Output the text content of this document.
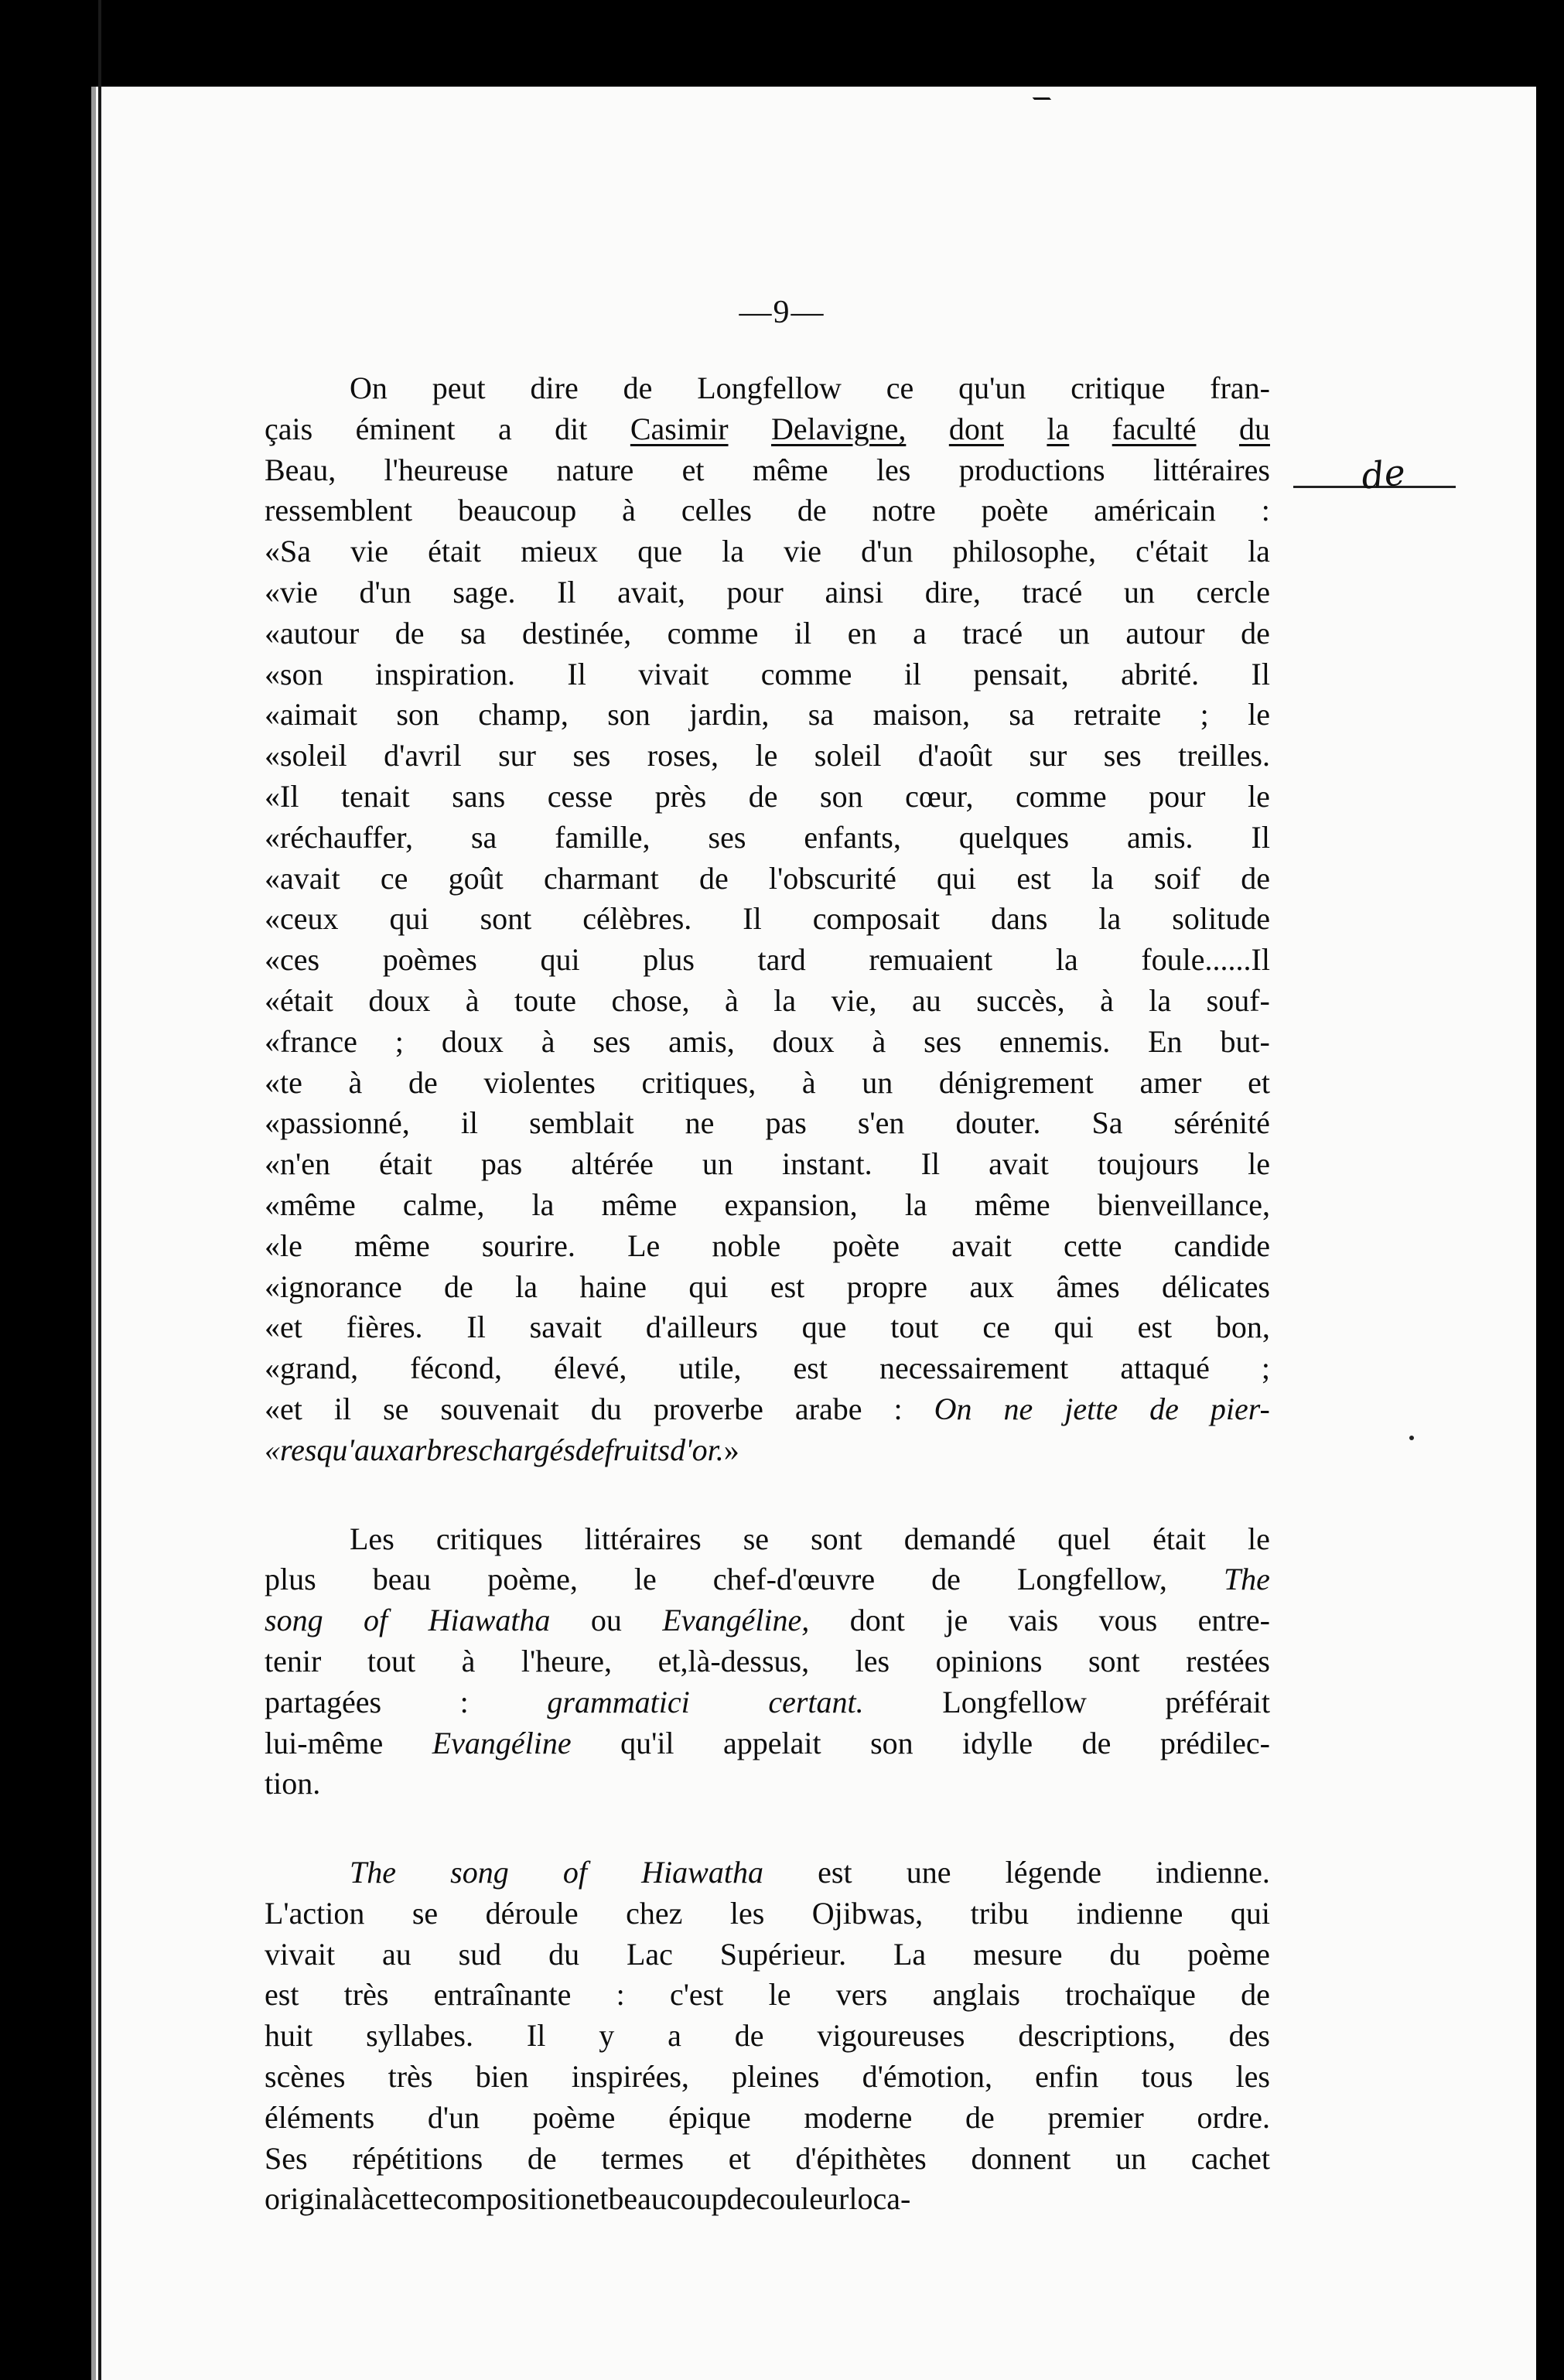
—9—
de
On peut dire de Longfellow ce qu'un critique fran-
çais éminent a dit Casimir Delavigne, dont la faculté du
Beau, l'heureuse nature et même les productions littéraires
ressemblent beaucoup à celles de notre poète américain :
«Sa vie était mieux que la vie d'un philosophe, c'était la
«vie d'un sage. Il avait, pour ainsi dire, tracé un cercle
«autour de sa destinée, comme il en a tracé un autour de
«son inspiration. Il vivait comme il pensait, abrité. Il
«aimait son champ, son jardin, sa maison, sa retraite ; le
«soleil d'avril sur ses roses, le soleil d'août sur ses treilles.
«Il tenait sans cesse près de son cœur, comme pour le
«réchauffer, sa famille, ses enfants, quelques amis. Il
«avait ce goût charmant de l'obscurité qui est la soif de
«ceux qui sont célèbres. Il composait dans la solitude
«ces poèmes qui plus tard remuaient la foule......Il
«était doux à toute chose, à la vie, au succès, à la souf-
«france ; doux à ses amis, doux à ses ennemis. En but-
«te à de violentes critiques, à un dénigrement amer et
«passionné, il semblait ne pas s'en douter. Sa sérénité
«n'en était pas altérée un instant. Il avait toujours le
«même calme, la même expansion, la même bienveillance,
«le même sourire. Le noble poète avait cette candide
«ignorance de la haine qui est propre aux âmes délicates
«et fières. Il savait d'ailleurs que tout ce qui est bon,
«grand, fécond, élevé, utile, est necessairement attaqué ;
«et il se souvenait du proverbe arabe : On ne jette de pier-
«res qu'aux arbres chargés de fruits d'or. »
Les critiques littéraires se sont demandé quel était le
plus beau poème, le chef-d'œuvre de Longfellow, The
song of Hiawatha ou Evangéline, dont je vais vous entre-
tenir tout à l'heure, et,là-dessus, les opinions sont restées
partagées	:	grammatici	certant.	Longfellow	préférait
lui-même Evangéline qu'il appelait son idylle de prédilec-
tion.
The song of Hiawatha est une légende indienne.
L'action se déroule chez les Ojibwas, tribu indienne qui
vivait au sud du Lac Supérieur. La mesure du poème
est très entraînante : c'est le vers anglais trochaïque de
huit syllabes. Il y a de vigoureuses descriptions, des
scènes très bien inspirées, pleines d'émotion, enfin tous les
éléments d'un poème épique moderne de premier ordre.
Ses répétitions de termes et d'épithètes donnent un cachet
original à cette composition et beaucoup de couleur loca-
